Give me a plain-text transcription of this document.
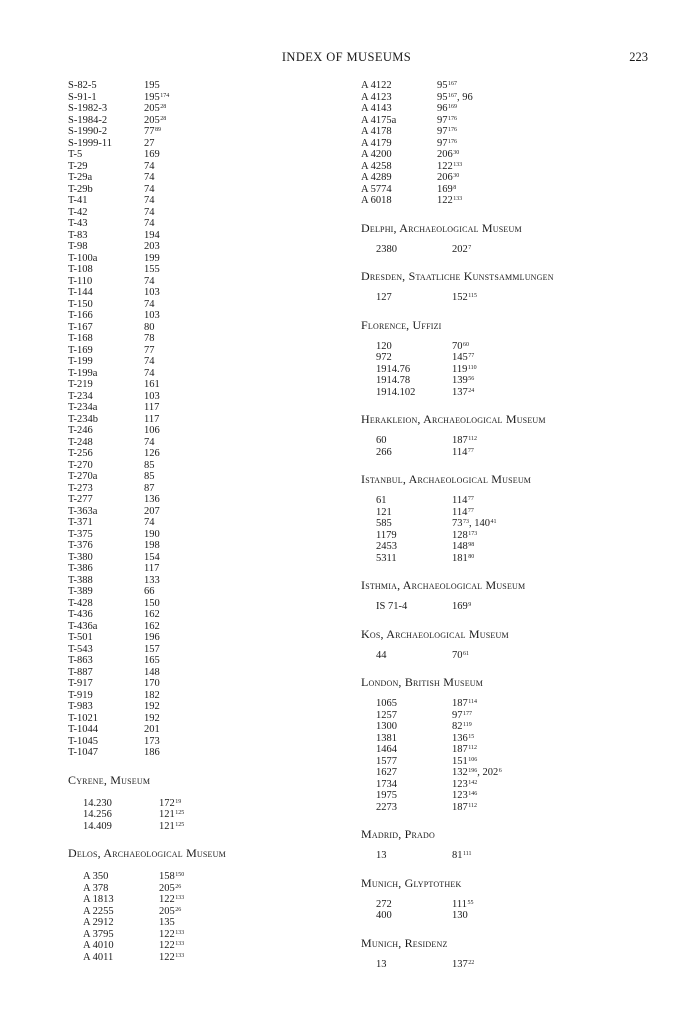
INDEX OF MUSEUMS	223
S-82-5	195
S-91-1	$195^{174}$
S-1982-3	$205^{28}$
S-1984-2	$205^{28}$
S-1990-2	$77^{89}$
S-1999-11	27
T-5	169
T-29	74
T-29a	74
T-29b	74
T-41	74
T-42	74
T-43	74
T-83	194
T-98	203
T-100a	199
T-108	155
T-110	74
T-144	103
T-150	74
T-166	103
T-167	80
T-168	78
T-169	77
T-199	74
T-199a	74
T-219	161
T-234	103
T-234a	117
T-234b	117
T-246	106
T-248	74
T-256	126
T-270	85
T-270a	85
T-273	87
T-277	136
T-363a	207
T-371	74
T-375	190
T-376	198
T-380	154
T-386	117
T-388	133
T-389	66
T-428	150
T-436	162
T-436a	162
T-501	196
T-543	157
T-863	165
T-887	148
T-917	170
T-919	182
T-983	192
T-1021	192
T-1044	201
T-1045	173
T-1047	186
Cyrene, Museum
14.230	$172^{19}$
14.256	$121^{125}$
14.409	$121^{125}$
Delos, Archaeological Museum
A 350	$158^{150}$
A 378	$205^{26}$
A 1813	$122^{133}$
A 2255	$205^{26}$
A 2912	135
A 3795	$122^{133}$
A 4010	$122^{133}$
A 4011	$122^{133}$
A 4122	$95^{167}$
A 4123	$95^{167}$, 96
A 4143	$96^{169}$
A 4175a	$97^{176}$
A 4178	$97^{176}$
A 4179	$97^{176}$
A 4200	$206^{30}$
A 4258	$122^{133}$
A 4289	$206^{30}$
A 5774	$169^8$
A 6018	$122^{133}$
Delphi, Archaeological Museum
2380	$202^7$
Dresden, Staatliche Kunstsammlungen
127	$152^{115}$
Florence, Uffizi
120	$70^{60}$
972	$145^{77}$
1914.76	$119^{110}$
1914.78	$139^{56}$
1914.102	$137^{24}$
Herakleion, Archaeological Museum
60	$187^{112}$
266	$114^{77}$
Istanbul, Archaeological Museum
61	$114^{77}$
121	$114^{77}$
585	$73^{73}$, $140^{41}$
1179	$128^{173}$
2453	$148^{98}$
5311	$181^{80}$
Isthmia, Archaeological Museum
IS 71-4	$169^9$
Kos, Archaeological Museum
44	$70^{61}$
London, British Museum
1065	$187^{114}$
1257	$97^{177}$
1300	$82^{119}$
1381	$136^{15}$
1464	$187^{112}$
1577	$151^{106}$
1627	$132^{196}$, $202^6$
1734	$123^{142}$
1975	$123^{146}$
2273	$187^{112}$
Madrid, Prado
13	$81^{111}$
Munich, Glyptothek
272	$111^{55}$
400	130
Munich, Residenz
13	$137^{22}$
